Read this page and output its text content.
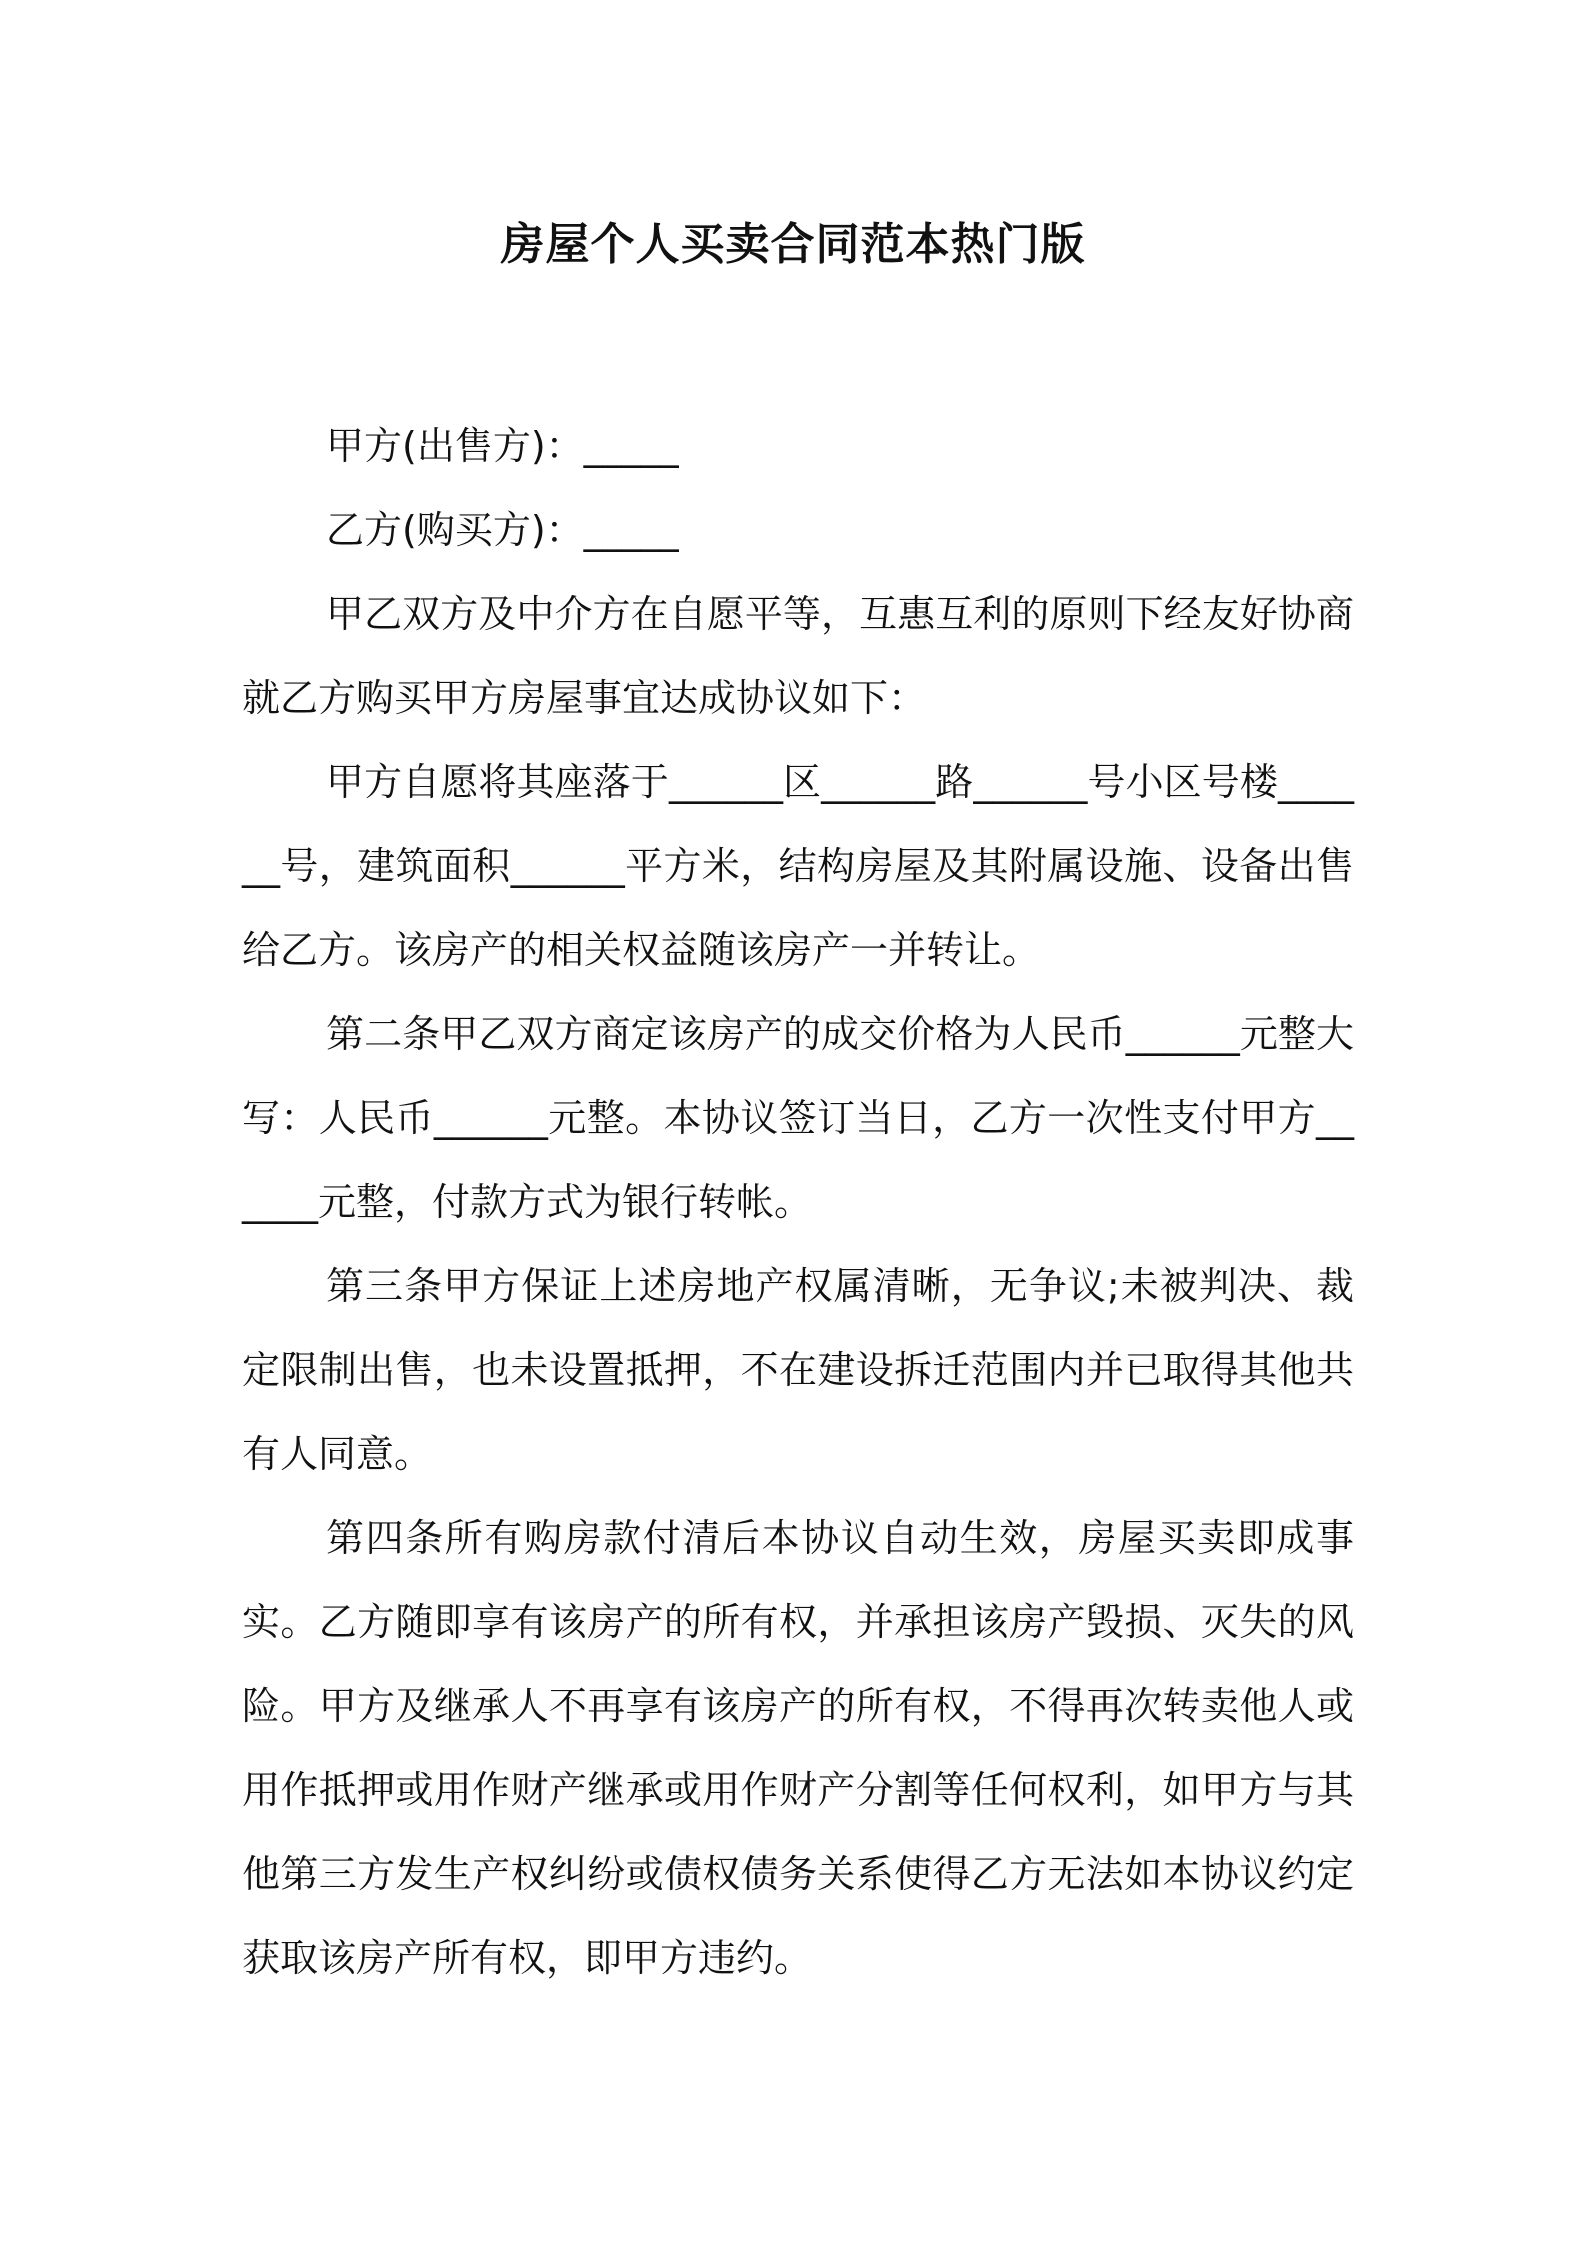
房屋个人买卖合同范本热门版

甲方(出售方)：_____

乙方(购买方)：_____

甲乙双方及中介方在自愿平等，互惠互利的原则下经友好协商就乙方购买甲方房屋事宜达成协议如下：

甲方自愿将其座落于______区______路______号小区号楼______号，建筑面积______平方米，结构房屋及其附属设施、设备出售给乙方。该房产的相关权益随该房产一并转让。

第二条甲乙双方商定该房产的成交价格为人民币______元整大写：人民币______元整。本协议签订当日，乙方一次性支付甲方______元整，付款方式为银行转帐。

第三条甲方保证上述房地产权属清晰，无争议;未被判决、裁定限制出售，也未设置抵押，不在建设拆迁范围内并已取得其他共有人同意。

第四条所有购房款付清后本协议自动生效，房屋买卖即成事实。乙方随即享有该房产的所有权，并承担该房产毁损、灭失的风险。甲方及继承人不再享有该房产的所有权，不得再次转卖他人或用作抵押或用作财产继承或用作财产分割等任何权利，如甲方与其他第三方发生产权纠纷或债权债务关系使得乙方无法如本协议约定获取该房产所有权，即甲方违约。
